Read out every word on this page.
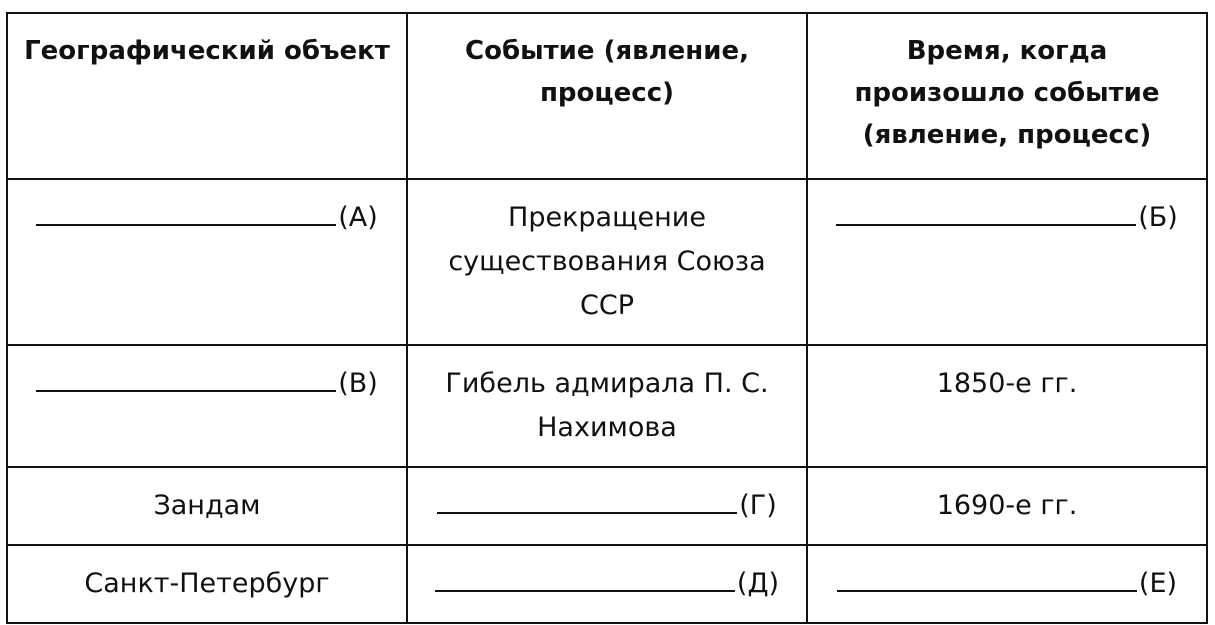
Географический объект	Событие (явление, процесс)	Время, когда произошло событие (явление, процесс)
(А)	Прекращение существования Союза ССР	(Б)
(В)	Гибель адмирала П. С. Нахимова	1850-е гг.
Зандам	(Г)	1690-е гг.
Санкт-Петербург	(Д)	(Е)
